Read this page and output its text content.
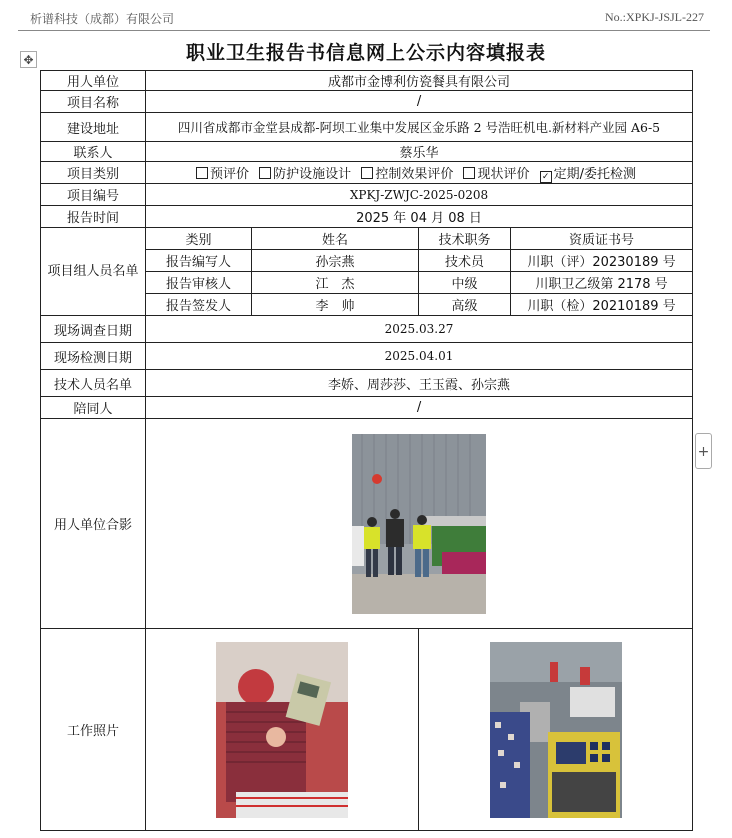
析谱科技（成都）有限公司	No.:XPKJ-JSJL-227
✥	职业卫生报告书信息网上公示内容填报表
用人单位	成都市金博利仿瓷餐具有限公司			
项目名称	/			
建设地址	四川省成都市金堂县成都-阿坝工业集中发展区金乐路 2 号浩旺机电.新材料产业园 A6-5			
联系人	蔡乐华			
项目类别	预评价 防护设施设计 控制效果评价 现状评价 ✓ 定期/委托检测			
项目编号	XPKJ-ZWJC-2025-0208			
报告时间	2025 年 04 月 08 日			
项目组人员名单	类别	姓名	技术职务	资质证书号
	报告编写人	孙宗燕	技术员	川职（评）20230189 号
	报告审核人	江　杰	中级	川职卫乙级第 2178 号
	报告签发人	李　帅	高级	川职（检）20210189 号
现场调查日期	2025.03.27			
现场检测日期	2025.04.01			
技术人员名单	李娇、周莎莎、王玉霞、孙宗燕			
陪同人	/			
用人单位合影	

工作照片	

+
